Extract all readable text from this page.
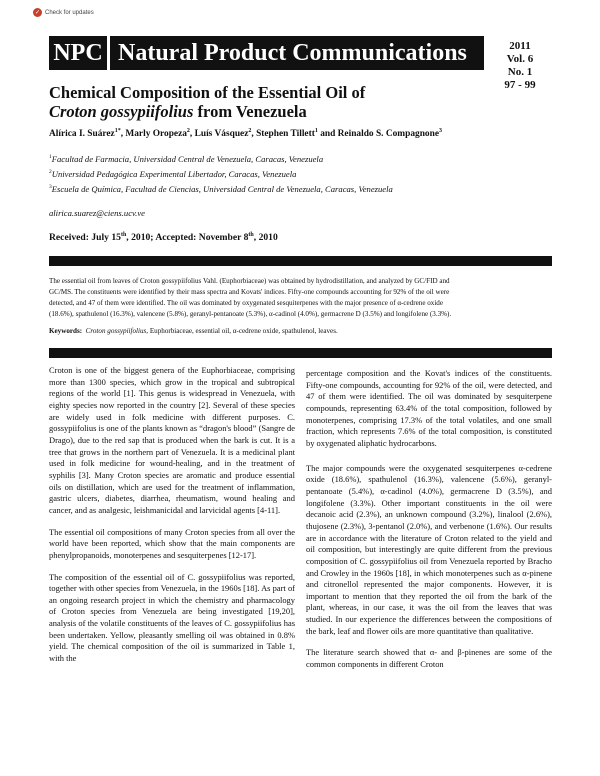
✓ Check for updates
NPC Natural Product Communications	2011
Vol. 6
No. 1
97 - 99
Chemical Composition of the Essential Oil of
Croton gossypiifolius from Venezuela
Alírica I. Suárez$^{1*}$, Marly Oropeza$^2$, Luís Vásquez$^2$, Stephen Tillett$^1$ and Reinaldo S. Compagnone$^3$
$^1$Facultad de Farmacia, Universidad Central de Venezuela, Caracas, Venezuela
$^2$Universidad Pedagógica Experimental Libertador, Caracas, Venezuela
$^3$Escuela de Química, Facultad de Ciencias, Universidad Central de Venezuela, Caracas, Venezuela
alirica.suarez@ciens.ucv.ve
Received: July 15th, 2010; Accepted: November 8th, 2010
The essential oil from leaves of Croton gossypiifolius Vahl. (Euphorbiaceae) was obtained by hydrodistillation, and analyzed by GC/FID and
GC/MS. The constituents were identified by their mass spectra and Kovats' indices. Fifty-one compounds accounting for 92% of the oil were
detected, and 47 of them were identified. The oil was dominated by oxygenated sesquiterpenes with the major presence of α-cedrene oxide
(18.6%), spathulenol (16.3%), valencene (5.8%), geranyl-pentanoate (5.3%), α-cadinol (4.0%), germacrene D (3.5%) and longifolene (3.3%).
Keywords: Croton gossypiifolius, Euphorbiaceae, essential oil, α-cedrene oxide, spathulenol, leaves.

Croton is one of the biggest genera of the Euphorbiaceae, comprising more than 1300 species, which grow in the tropical and subtropical regions of the world [1]. This genus is widespread in Venezuela, with eighty species now reported in the country [2]. Several of these species are widely used in folk medicine with different purposes. C. gossypiifolius is one of the plants known as “dragon's blood” (Sangre de Drago), due to the red sap that is produced when the bark is cut. It is a tree that grows in the northern part of Venezuela. It is a medicinal plant used in folk medicine for wound-healing, and in the treatment of syphilis [3]. Many Croton species are aromatic and produce essential oils on distillation, which are used for the treatment of inflammation, gastric ulcers, diabetes, diarrhea, rheumatism, wound healing and cancer, and as analgesic, leishmanicidal and larvicidal agents [4-11].

The essential oil compositions of many Croton species from all over the world have been reported, which show that the main components are phenylpropanoids, monoterpenes and sesquiterpenes [12-17].

The composition of the essential oil of C. gossypiifolius was reported, together with other species from Venezuela, in the 1960s [18]. As part of an ongoing research project in which the chemistry and pharmacology of Croton species from Venezuela are being investigated [19,20], analysis of the volatile constituents of the leaves of C. gossypiifolius has been undertaken. Yellow, pleasantly smelling oil was obtained in 0.8% yield. The chemical composition of the oil is summarized in Table 1, with the

percentage composition and the Kovat's indices of the constituents. Fifty-one compounds, accounting for 92% of the oil, were detected, and 47 of them were identified. The oil was dominated by sesquiterpene compounds, representing 63.4% of the total composition, followed by monoterpenes, comprising 17.3% of the total volatiles, and one small fraction, which represents 7.6% of the total composition, is constituted by oxygenated aliphatic hydrocarbons.

The major compounds were the oxygenated sesquiterpenes α-cedrene oxide (18.6%), spathulenol (16.3%), valencene (5.6%), geranyl-pentanoate (5.4%), α-cadinol (4.0%), germacrene D (3.5%), and longifolene (3.3%). Other important constituents in the oil were decanoic acid (2.3%), an unknown compound (3.2%), linalool (2.6%), thujosene (2.3%), 3-pentanol (2.0%), and verbenone (1.6%). Our results are in accordance with the literature of Croton related to the yield and oil composition, but interestingly are quite different from the previous composition of C. gossypiifolius oil from Venezuela reported by Bracho and Crowley in the 1960s [18], in which monoterpenes such as α-pinene and citronellol represented the major components. However, it is important to mention that they reported the oil from the bark of the plant, whereas, in our case, it was the oil from the leaves that was studied. In our experience the differences between the compositions of the bark, leaf and flower oils are more quantitative than qualitative.

The literature search showed that α- and β-pinenes are some of the common components in different Croton
